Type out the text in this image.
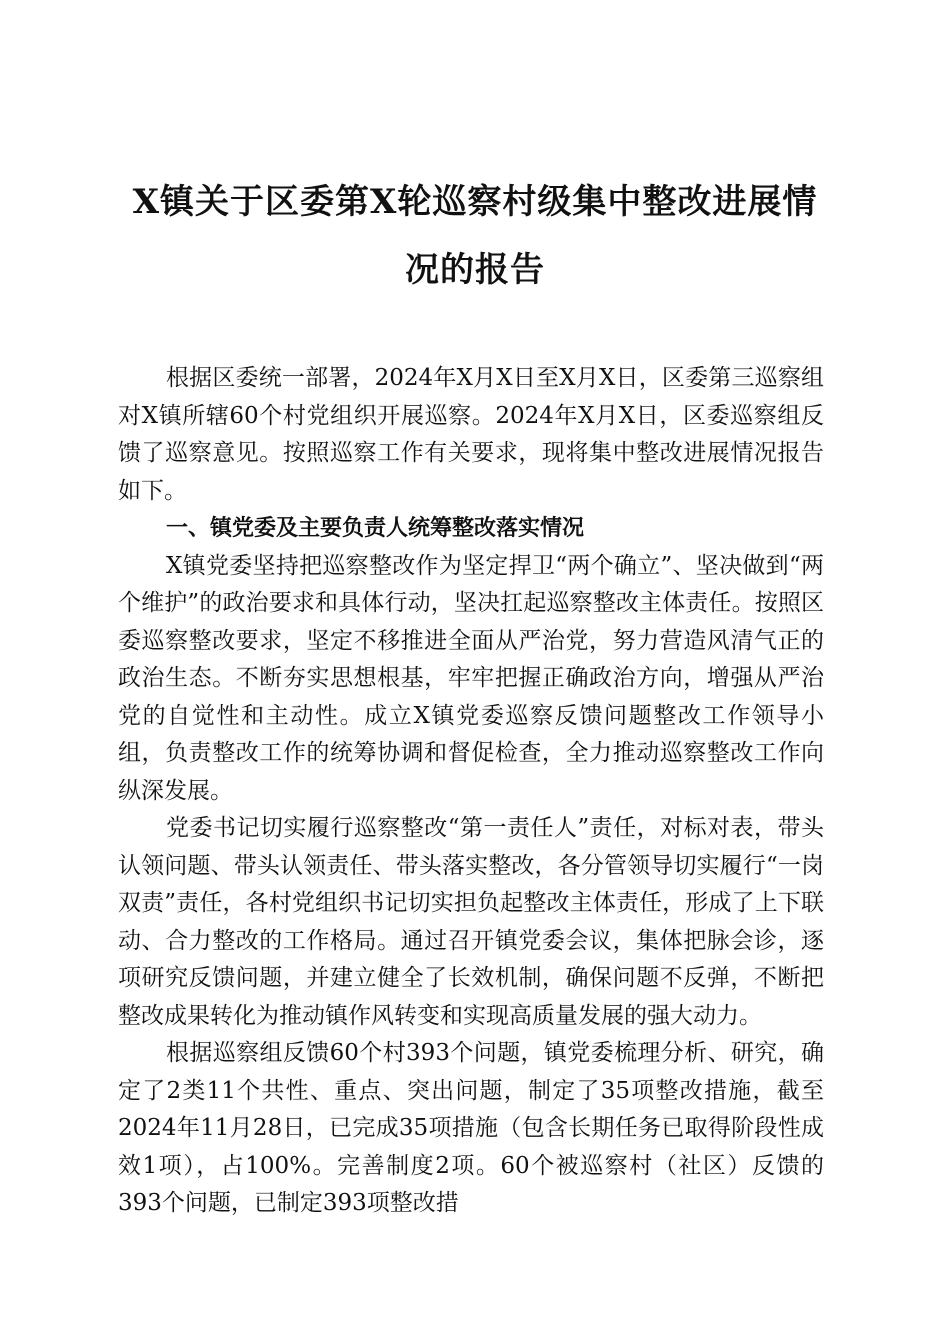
X镇关于区委第X轮巡察村级集中整改进展情
况的报告

根据区委统一部署，2024年X月X日至X月X日，区委第三巡察组对X镇所辖60个村党组织开展巡察。2024年X月X日，区委巡察组反馈了巡察意见。按照巡察工作有关要求，现将集中整改进展情况报告如下。

一、镇党委及主要负责人统筹整改落实情况

X镇党委坚持把巡察整改作为坚定捍卫“两个确立”、坚决做到“两个维护”的政治要求和具体行动，坚决扛起巡察整改主体责任。按照区委巡察整改要求，坚定不移推进全面从严治党，努力营造风清气正的政治生态。不断夯实思想根基，牢牢把握正确政治方向，增强从严治党的自觉性和主动性。成立X镇党委巡察反馈问题整改工作领导小组，负责整改工作的统筹协调和督促检查，全力推动巡察整改工作向纵深发展。

党委书记切实履行巡察整改“第一责任人”责任，对标对表，带头认领问题、带头认领责任、带头落实整改，各分管领导切实履行“一岗双责”责任，各村党组织书记切实担负起整改主体责任，形成了上下联动、合力整改的工作格局。通过召开镇党委会议，集体把脉会诊，逐项研究反馈问题，并建立健全了长效机制，确保问题不反弹，不断把整改成果转化为推动镇作风转变和实现高质量发展的强大动力。

根据巡察组反馈60个村393个问题，镇党委梳理分析、研究，确定了2类11个共性、重点、突出问题，制定了35项整改措施，截至2024年11月28日，已完成35项措施（包含长期任务已取得阶段性成效1项），占100%。完善制度2项。60个被巡察村（社区）反馈的393个问题，已制定393项整改措
